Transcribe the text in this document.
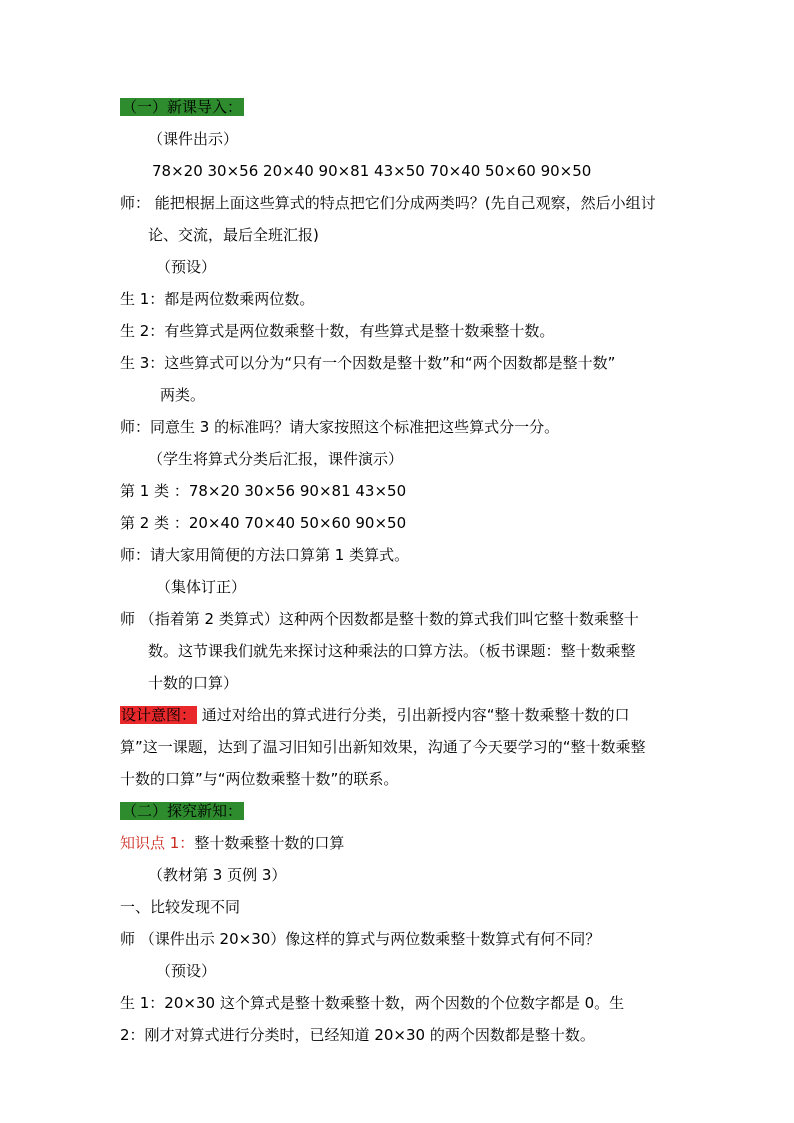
（一）新课导入：
（课件出示）
78×20 30×56 20×40 90×81 43×50 70×40 50×60 90×50
师： 能把根据上面这些算式的特点把它们分成两类吗？(先自己观察，然后小组讨
论、交流，最后全班汇报)
（预设）
生 1：都是两位数乘两位数。
生 2：有些算式是两位数乘整十数，有些算式是整十数乘整十数。
生 3：这些算式可以分为“只有一个因数是整十数”和“两个因数都是整十数”
两类。
师：同意生 3 的标准吗？请大家按照这个标准把这些算式分一分。
（学生将算式分类后汇报，课件演示）
第 1 类 ：78×20 30×56 90×81 43×50
第 2 类 ：20×40 70×40 50×60 90×50
师：请大家用简便的方法口算第 1 类算式。
（集体订正）
师 （指着第 2 类算式）这种两个因数都是整十数的算式我们叫它整十数乘整十
数。这节课我们就先来探讨这种乘法的口算方法。（板书课题：整十数乘整
十数的口算）
设计意图： 通过对给出的算式进行分类，引出新授内容“整十数乘整十数的口
算”这一课题，达到了温习旧知引出新知效果，沟通了今天要学习的“整十数乘整
十数的口算”与“两位数乘整十数”的联系。
（二）探究新知：
知识点 1：整十数乘整十数的口算
（教材第 3 页例 3）
一、比较发现不同
师 （课件出示 20×30）像这样的算式与两位数乘整十数算式有何不同？
（预设）
生 1：20×30 这个算式是整十数乘整十数，两个因数的个位数字都是 0。生
2：刚才对算式进行分类时，已经知道 20×30 的两个因数都是整十数。
